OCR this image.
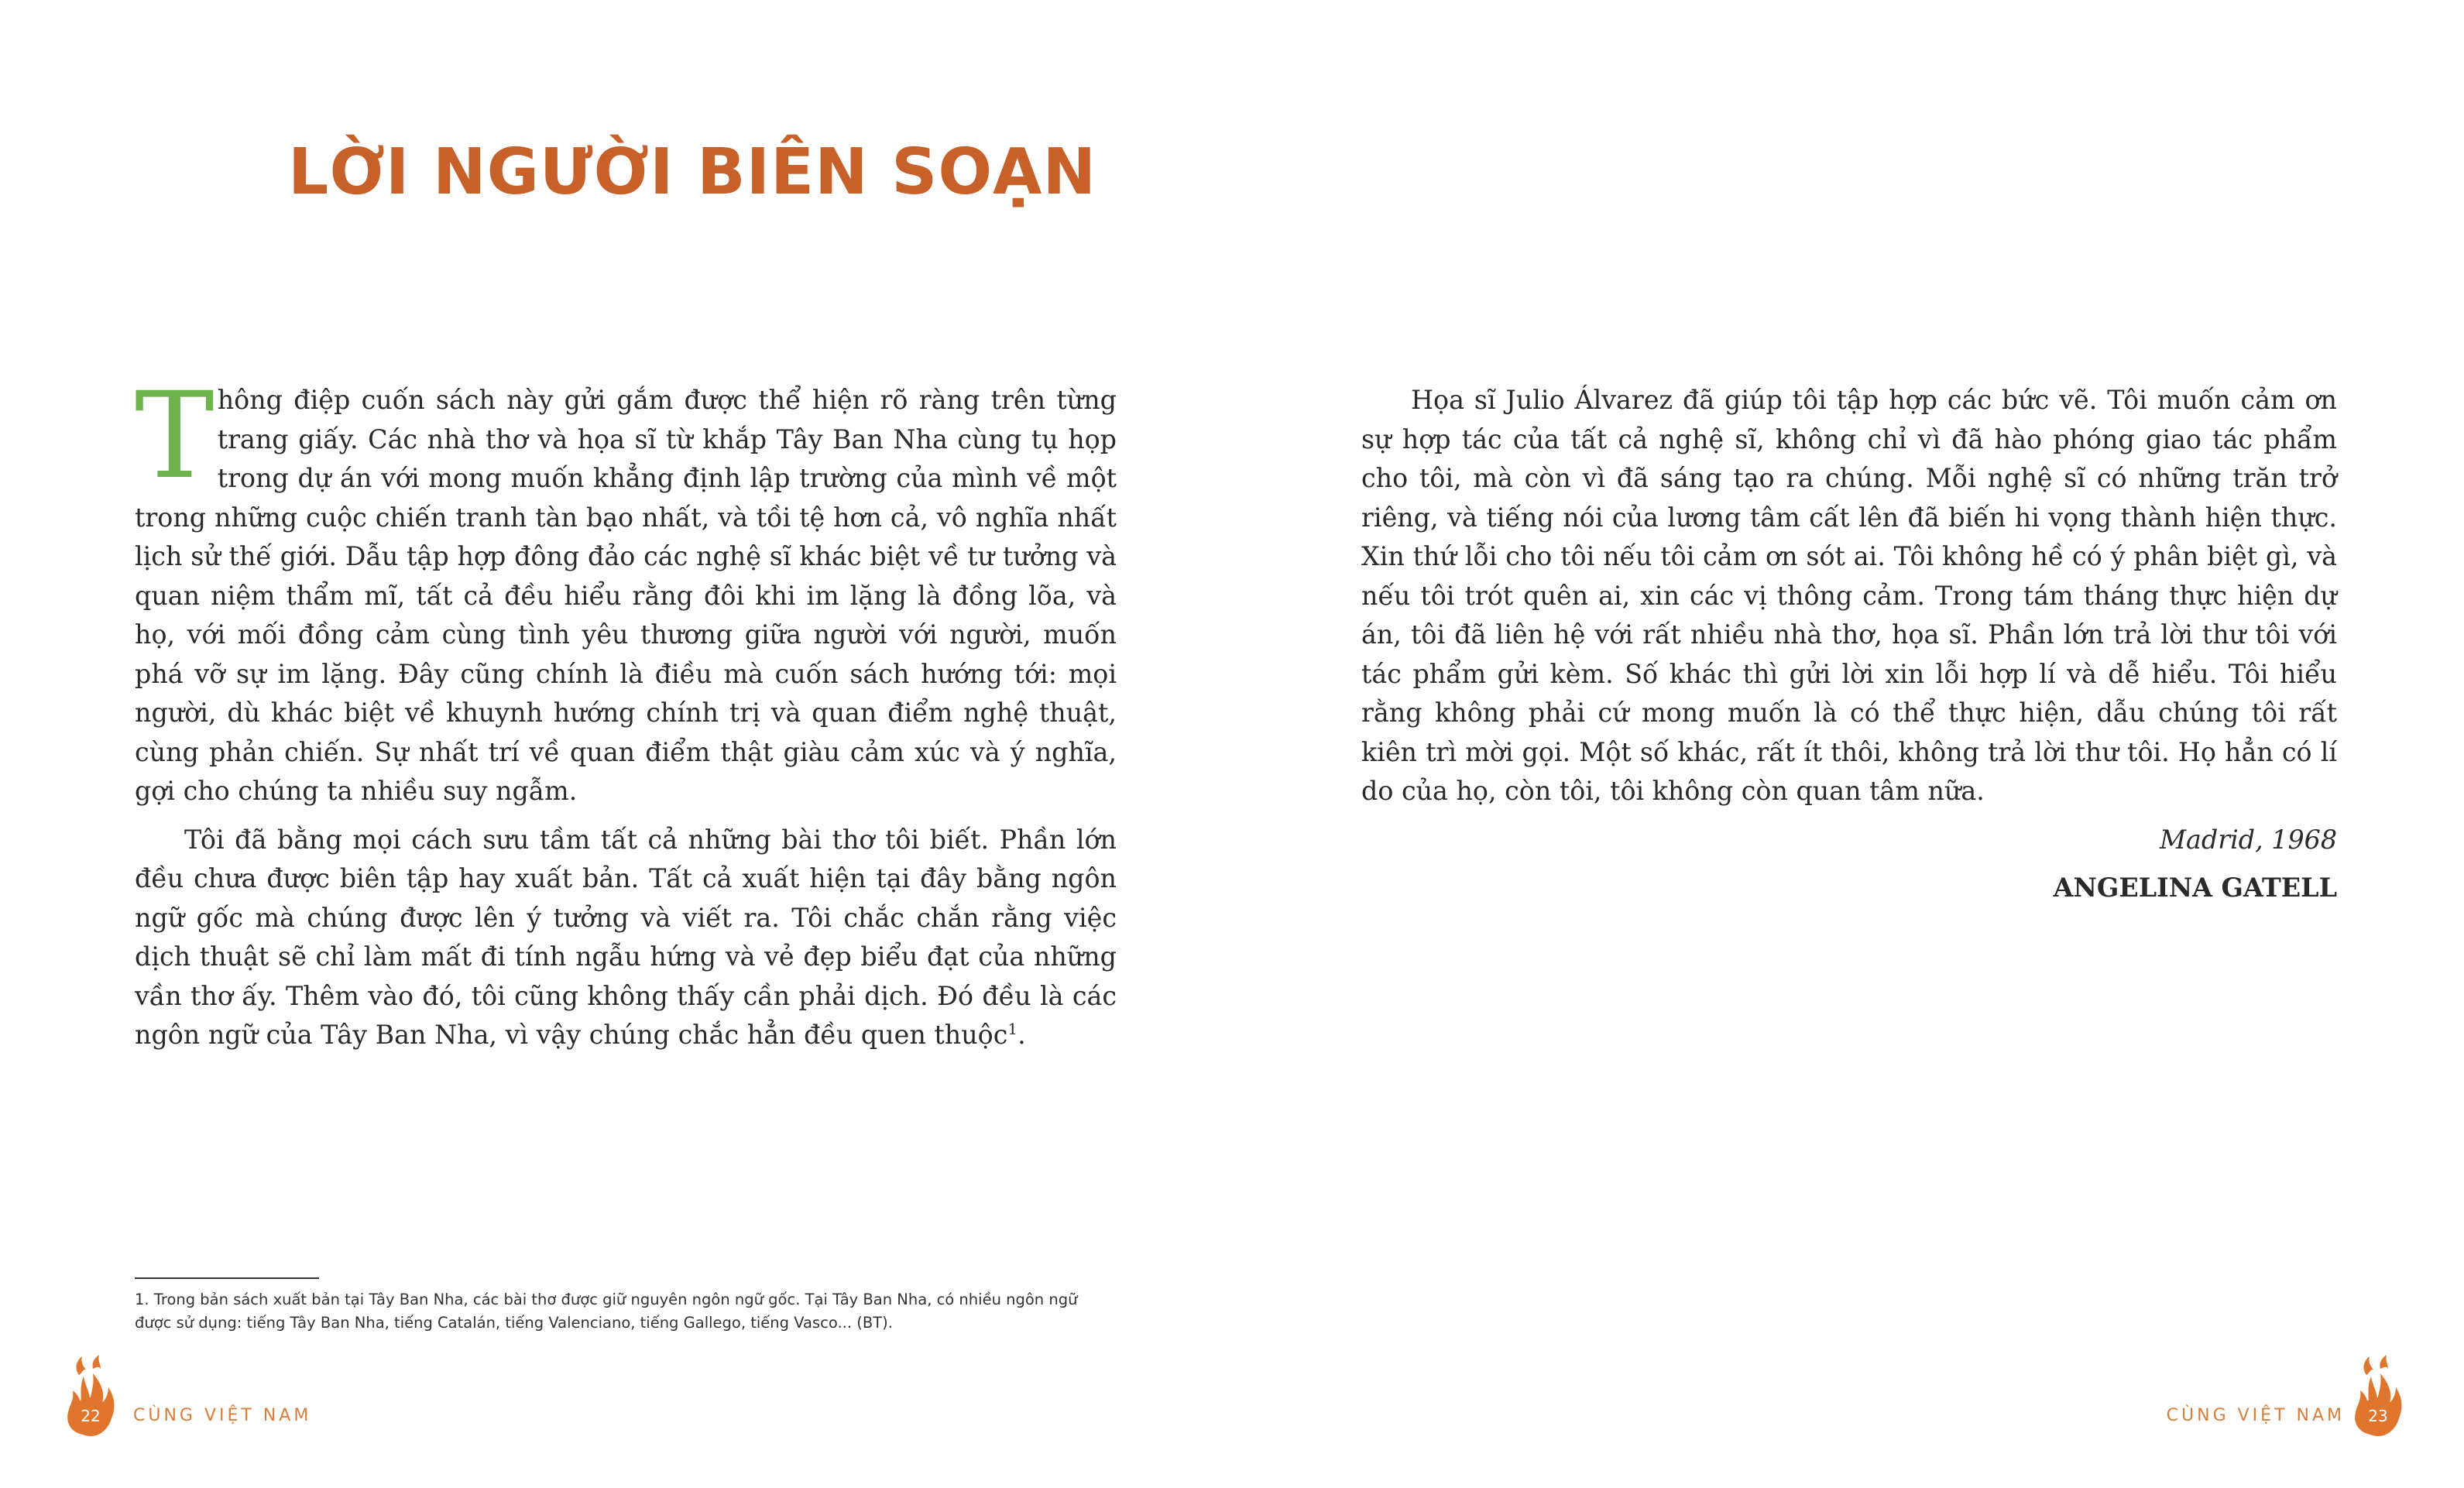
LỜI NGƯỜI BIÊN SOẠN

Thông điệp cuốn sách này gửi gắm được thể hiện rõ ràng trên từng trang giấy. Các nhà thơ và họa sĩ từ khắp Tây Ban Nha cùng tụ họp trong dự án với mong muốn khẳng định lập trường của mình về một trong những cuộc chiến tranh tàn bạo nhất, và tồi tệ hơn cả, vô nghĩa nhất lịch sử thế giới. Dẫu tập hợp đông đảo các nghệ sĩ khác biệt về tư tưởng và quan niệm thẩm mĩ, tất cả đều hiểu rằng đôi khi im lặng là đồng lõa, và họ, với mối đồng cảm cùng tình yêu thương giữa người với người, muốn phá vỡ sự im lặng. Đây cũng chính là điều mà cuốn sách hướng tới: mọi người, dù khác biệt về khuynh hướng chính trị và quan điểm nghệ thuật, cùng phản chiến. Sự nhất trí về quan điểm thật giàu cảm xúc và ý nghĩa, gợi cho chúng ta nhiều suy ngẫm.

Tôi đã bằng mọi cách sưu tầm tất cả những bài thơ tôi biết. Phần lớn đều chưa được biên tập hay xuất bản. Tất cả xuất hiện tại đây bằng ngôn ngữ gốc mà chúng được lên ý tưởng và viết ra. Tôi chắc chắn rằng việc dịch thuật sẽ chỉ làm mất đi tính ngẫu hứng và vẻ đẹp biểu đạt của những vần thơ ấy. Thêm vào đó, tôi cũng không thấy cần phải dịch. Đó đều là các ngôn ngữ của Tây Ban Nha, vì vậy chúng chắc hẳn đều quen thuộc$^1$.

Họa sĩ Julio Álvarez đã giúp tôi tập hợp các bức vẽ. Tôi muốn cảm ơn sự hợp tác của tất cả nghệ sĩ, không chỉ vì đã hào phóng giao tác phẩm cho tôi, mà còn vì đã sáng tạo ra chúng. Mỗi nghệ sĩ có những trăn trở riêng, và tiếng nói của lương tâm cất lên đã biến hi vọng thành hiện thực. Xin thứ lỗi cho tôi nếu tôi cảm ơn sót ai. Tôi không hề có ý phân biệt gì, và nếu tôi trót quên ai, xin các vị thông cảm. Trong tám tháng thực hiện dự án, tôi đã liên hệ với rất nhiều nhà thơ, họa sĩ. Phần lớn trả lời thư tôi với tác phẩm gửi kèm. Số khác thì gửi lời xin lỗi hợp lí và dễ hiểu. Tôi hiểu rằng không phải cứ mong muốn là có thể thực hiện, dẫu chúng tôi rất kiên trì mời gọi. Một số khác, rất ít thôi, không trả lời thư tôi. Họ hẳn có lí do của họ, còn tôi, tôi không còn quan tâm nữa.

Madrid, 1968

ANGELINA GATELL

1. Trong bản sách xuất bản tại Tây Ban Nha, các bài thơ được giữ nguyên ngôn ngữ gốc. Tại Tây Ban Nha, có nhiều ngôn ngữ được sử dụng: tiếng Tây Ban Nha, tiếng Catalán, tiếng Valenciano, tiếng Gallego, tiếng Vasco... (BT).

22	CÙNG VIỆT NAM	CÙNG VIỆT NAM	23
